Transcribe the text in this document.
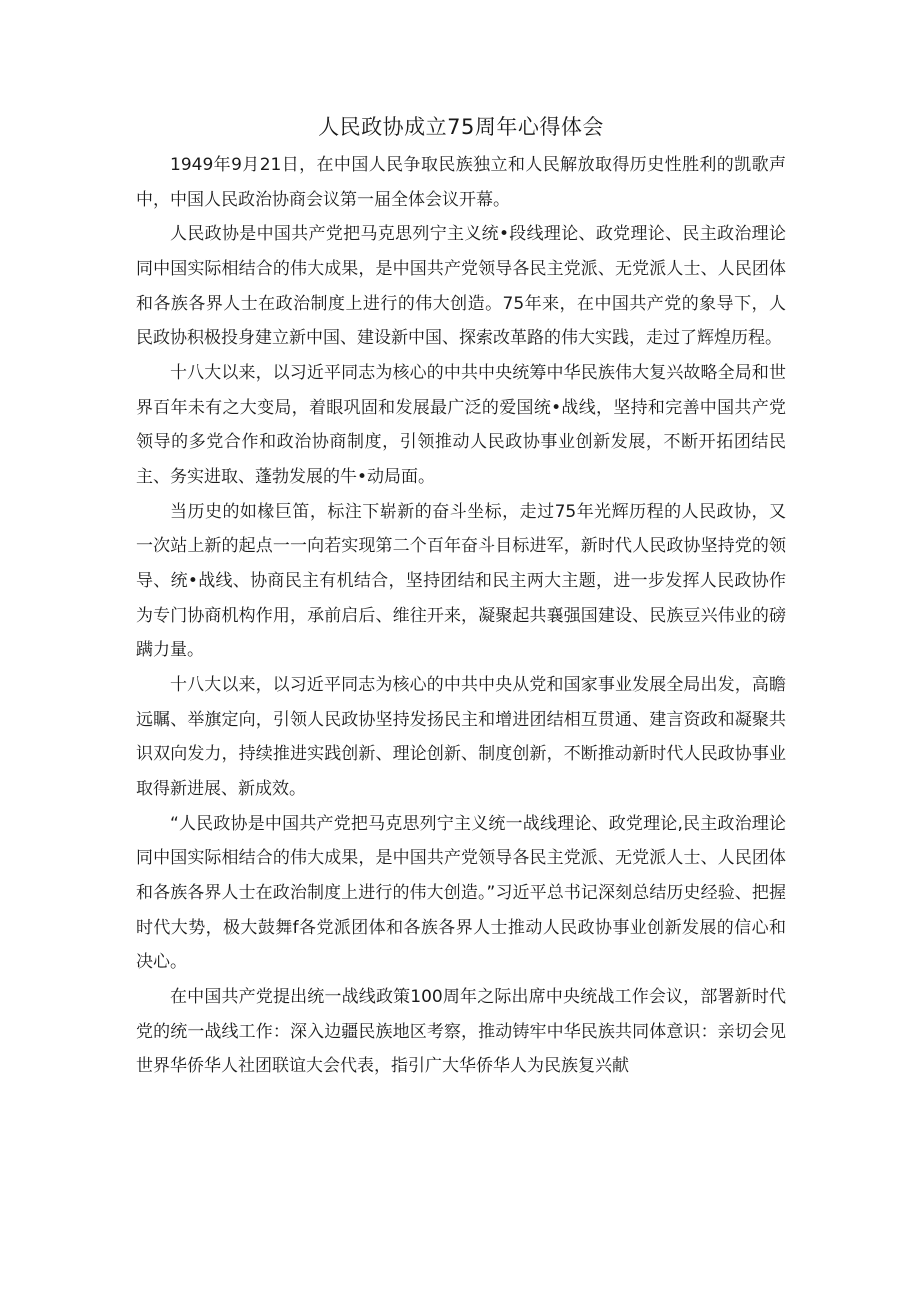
人民政协成立75周年心得体会

1949年9月21日，在中国人民争取民族独立和人民解放取得历史性胜利的凯歌声中，中国人民政治协商会议第一届全体会议开幕。

人民政协是中国共产党把马克思列宁主义统•段线理论、政党理论、民主政治理论同中国实际相结合的伟大成果，是中国共产党领导各民主党派、无党派人士、人民团体和各族各界人士在政治制度上进行的伟大创造。75年来，在中国共产党的象导下，人民政协积极投身建立新中国、建设新中国、探索改革路的伟大实践，走过了辉煌历程。

十八大以来，以习近平同志为核心的中共中央统筹中华民族伟大复兴故略全局和世界百年未有之大变局，着眼巩固和发展最广泛的爱国统•战线，坚持和完善中国共产党领导的多党合作和政治协商制度，引领推动人民政协事业创新发展，不断开拓团结民主、务实进取、蓬勃发展的牛•动局面。

当历史的如椽巨笛，标注下崭新的奋斗坐标，走过75年光辉历程的人民政协，又一次站上新的起点一一向若实现第二个百年奋斗目标进军，新时代人民政协坚持党的领导、统•战线、协商民主有机结合，坚持团结和民主两大主题，进一步发挥人民政协作为专门协商机构作用，承前启后、维往开来，凝聚起共襄强国建设、民族豆兴伟业的磅蹒力量。

十八大以来，以习近平同志为核心的中共中央从党和国家事业发展全局出发，高瞻远瞩、举旗定向，引领人民政协坚持发扬民主和增进团结相互贯通、建言资政和凝聚共识双向发力，持续推进实践创新、理论创新、制度创新，不断推动新时代人民政协事业取得新进展、新成效。

“人民政协是中国共产党把马克思列宁主义统一战线理论、政党理论,民主政治理论同中国实际相结合的伟大成果，是中国共产党领导各民主党派、无党派人士、人民团体和各族各界人士在政治制度上进行的伟大创造。”习近平总书记深刻总结历史经验、把握时代大势，极大鼓舞f各党派团体和各族各界人士推动人民政协事业创新发展的信心和决心。

在中国共产党提出统一战线政策100周年之际出席中央统战工作会议，部署新时代党的统一战线工作：深入边疆民族地区考察，推动铸牢中华民族共同体意识：亲切会见世界华侨华人社团联谊大会代表，指引广大华侨华人为民族复兴献
